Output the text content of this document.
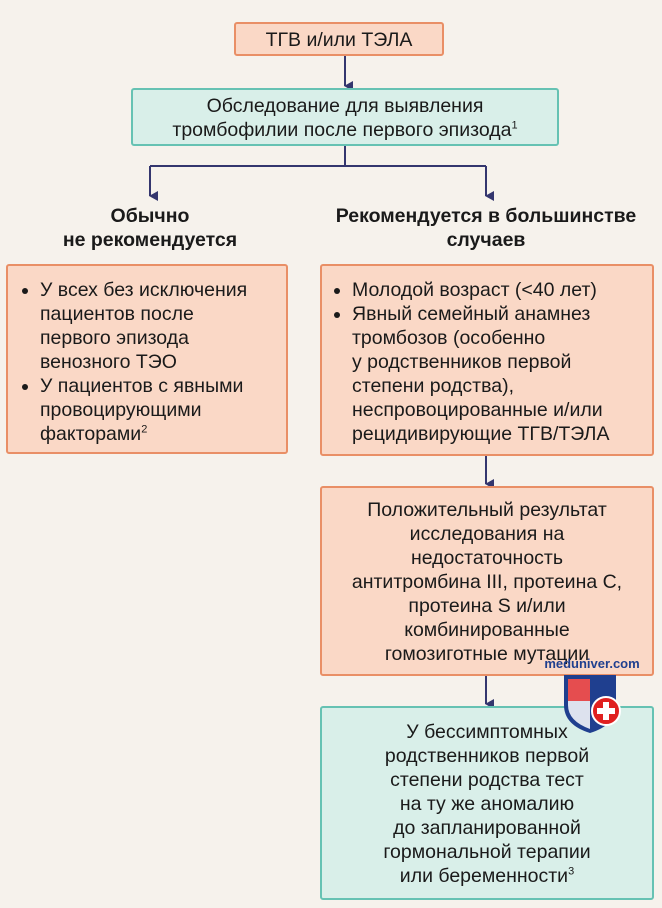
ТГВ и/или ТЭЛА
Обследование для выявления
тромбофилии после первого эпизода$^1$
Обычно
не рекомендуется
Рекомендуется в большинстве
случаев
• У всех без исключения
пациентов после
первого эпизода
венозного ТЭО
• У пациентов с явными
провоцирующими
факторами$^2$
• Молодой возраст (<40 лет)
• Явный семейный анамнез
тромбозов (особенно
у родственников первой
степени родства),
неспровоцированные и/или
рецидивирующие ТГВ/ТЭЛА
Положительный результат
исследования на
недостаточность
антитромбина III, протеина С,
протеина S и/или
комбинированные
гомозиготные мутации
У бессимптомных
родственников первой
степени родства тест
на ту же аномалию
до запланированной
гормональной терапии
или беременности$^3$
meduniver.com
